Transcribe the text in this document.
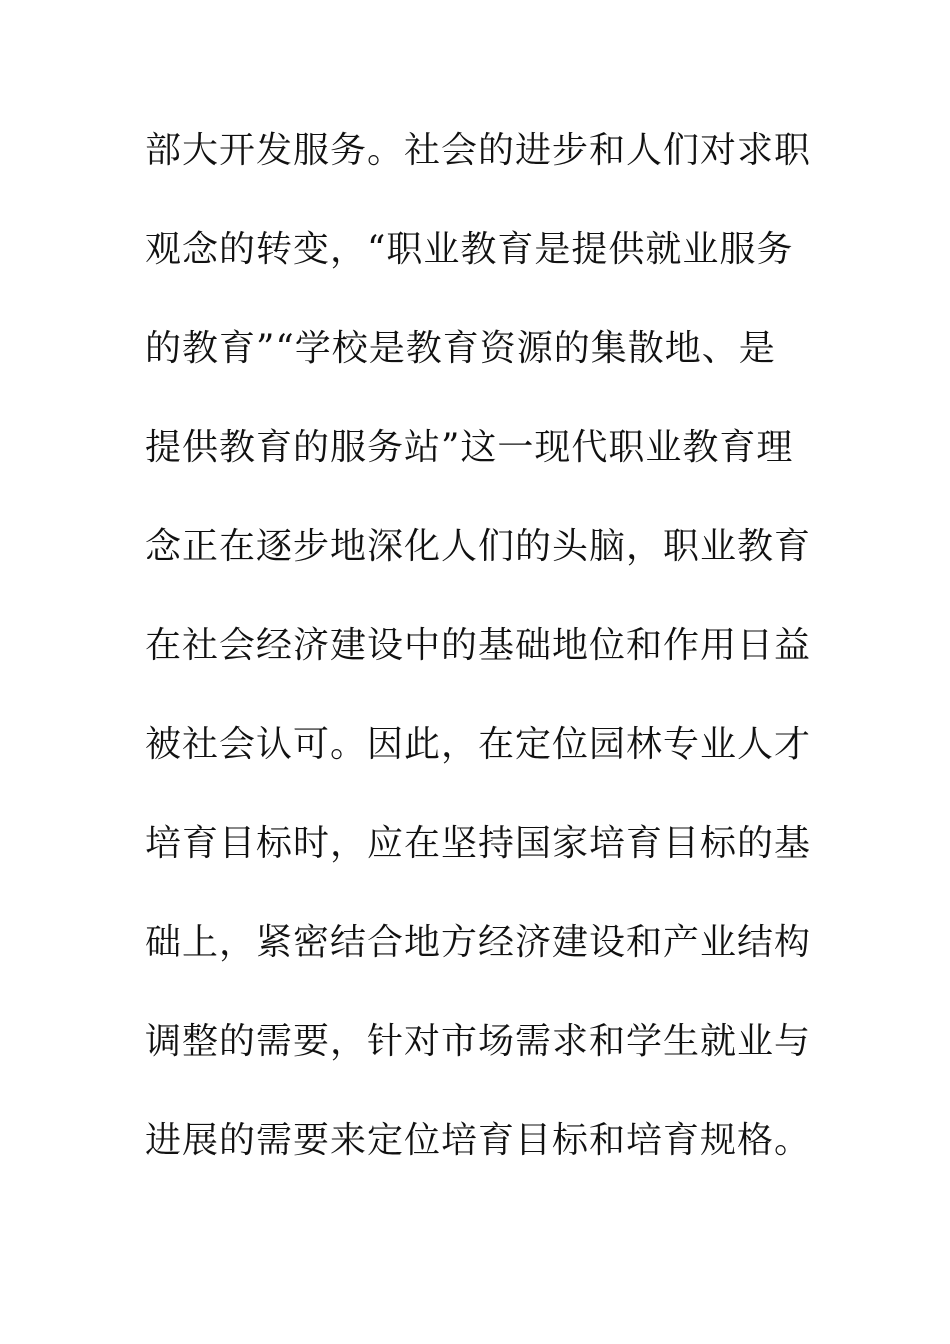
部大开发服务。社会的进步和人们对求职
观念的转变，“职业教育是提供就业服务
的教育”“学校是教育资源的集散地、是
提供教育的服务站”这一现代职业教育理
念正在逐步地深化人们的头脑，职业教育
在社会经济建设中的基础地位和作用日益
被社会认可。因此，在定位园林专业人才
培育目标时，应在坚持国家培育目标的基
础上，紧密结合地方经济建设和产业结构
调整的需要，针对市场需求和学生就业与
进展的需要来定位培育目标和培育规格。
